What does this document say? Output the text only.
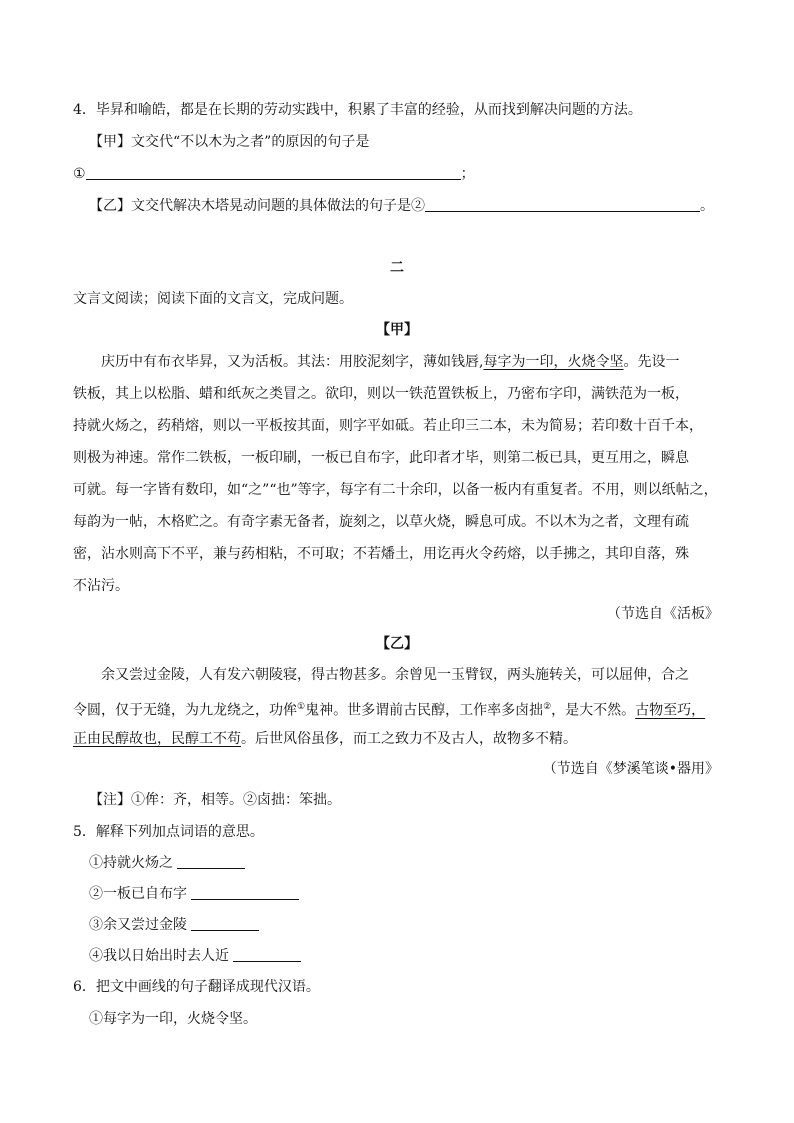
4．毕昇和喻皓，都是在长期的劳动实践中，积累了丰富的经验，从而找到解决问题的方法。
【甲】文交代“不以木为之者”的原因的句子是
①	；
【乙】文交代解决木塔晃动问题的具体做法的句子是②	。
二
文言文阅读；阅读下面的文言文，完成问题。
【甲】
庆历中有布衣毕昇，又为活板。其法：用胶泥刻字，薄如钱唇,每字为一印，火烧令坚。先设一
铁板，其上以松脂、蜡和纸灰之类冒之。欲印，则以一铁范置铁板上，乃密布字印，满铁范为一板，
持就火炀之，药稍熔，则以一平板按其面，则字平如砥。若止印三二本，未为简易；若印数十百千本，
则极为神速。常作二铁板，一板印刷，一板已自布字，此印者才毕，则第二板已具，更互用之，瞬息
可就。每一字皆有数印，如“之”“也”等字，每字有二十余印，以备一板内有重复者。不用，则以纸帖之，
每韵为一帖，木格贮之。有奇字素无备者，旋刻之，以草火烧，瞬息可成。不以木为之者，文理有疏
密，沾水则高下不平，兼与药相粘，不可取；不若燔土，用讫再火令药熔，以手拂之，其印自落，殊
不沾污。
（节选自《活板》
【乙】
余又尝过金陵，人有发六朝陵寝，得古物甚多。余曾见一玉臂钗，两头施转关，可以屈伸，合之
令圆，仅于无缝，为九龙绕之，功侔①鬼神。世多谓前古民醇，工作率多卤拙②，是大不然。古物至巧，
正由民醇故也，民醇工不苟。后世风俗虽侈，而工之致力不及古人，故物多不精。
（节选自《梦溪笔谈•器用》
【注】①侔：齐，相等。②卤拙：笨拙。
5．解释下列加点词语的意思。
①持就火炀之
②一板已自布字
③余又尝过金陵
④我以日始出时去人近
6．把文中画线的句子翻译成现代汉语。
①每字为一印，火烧令坚。
